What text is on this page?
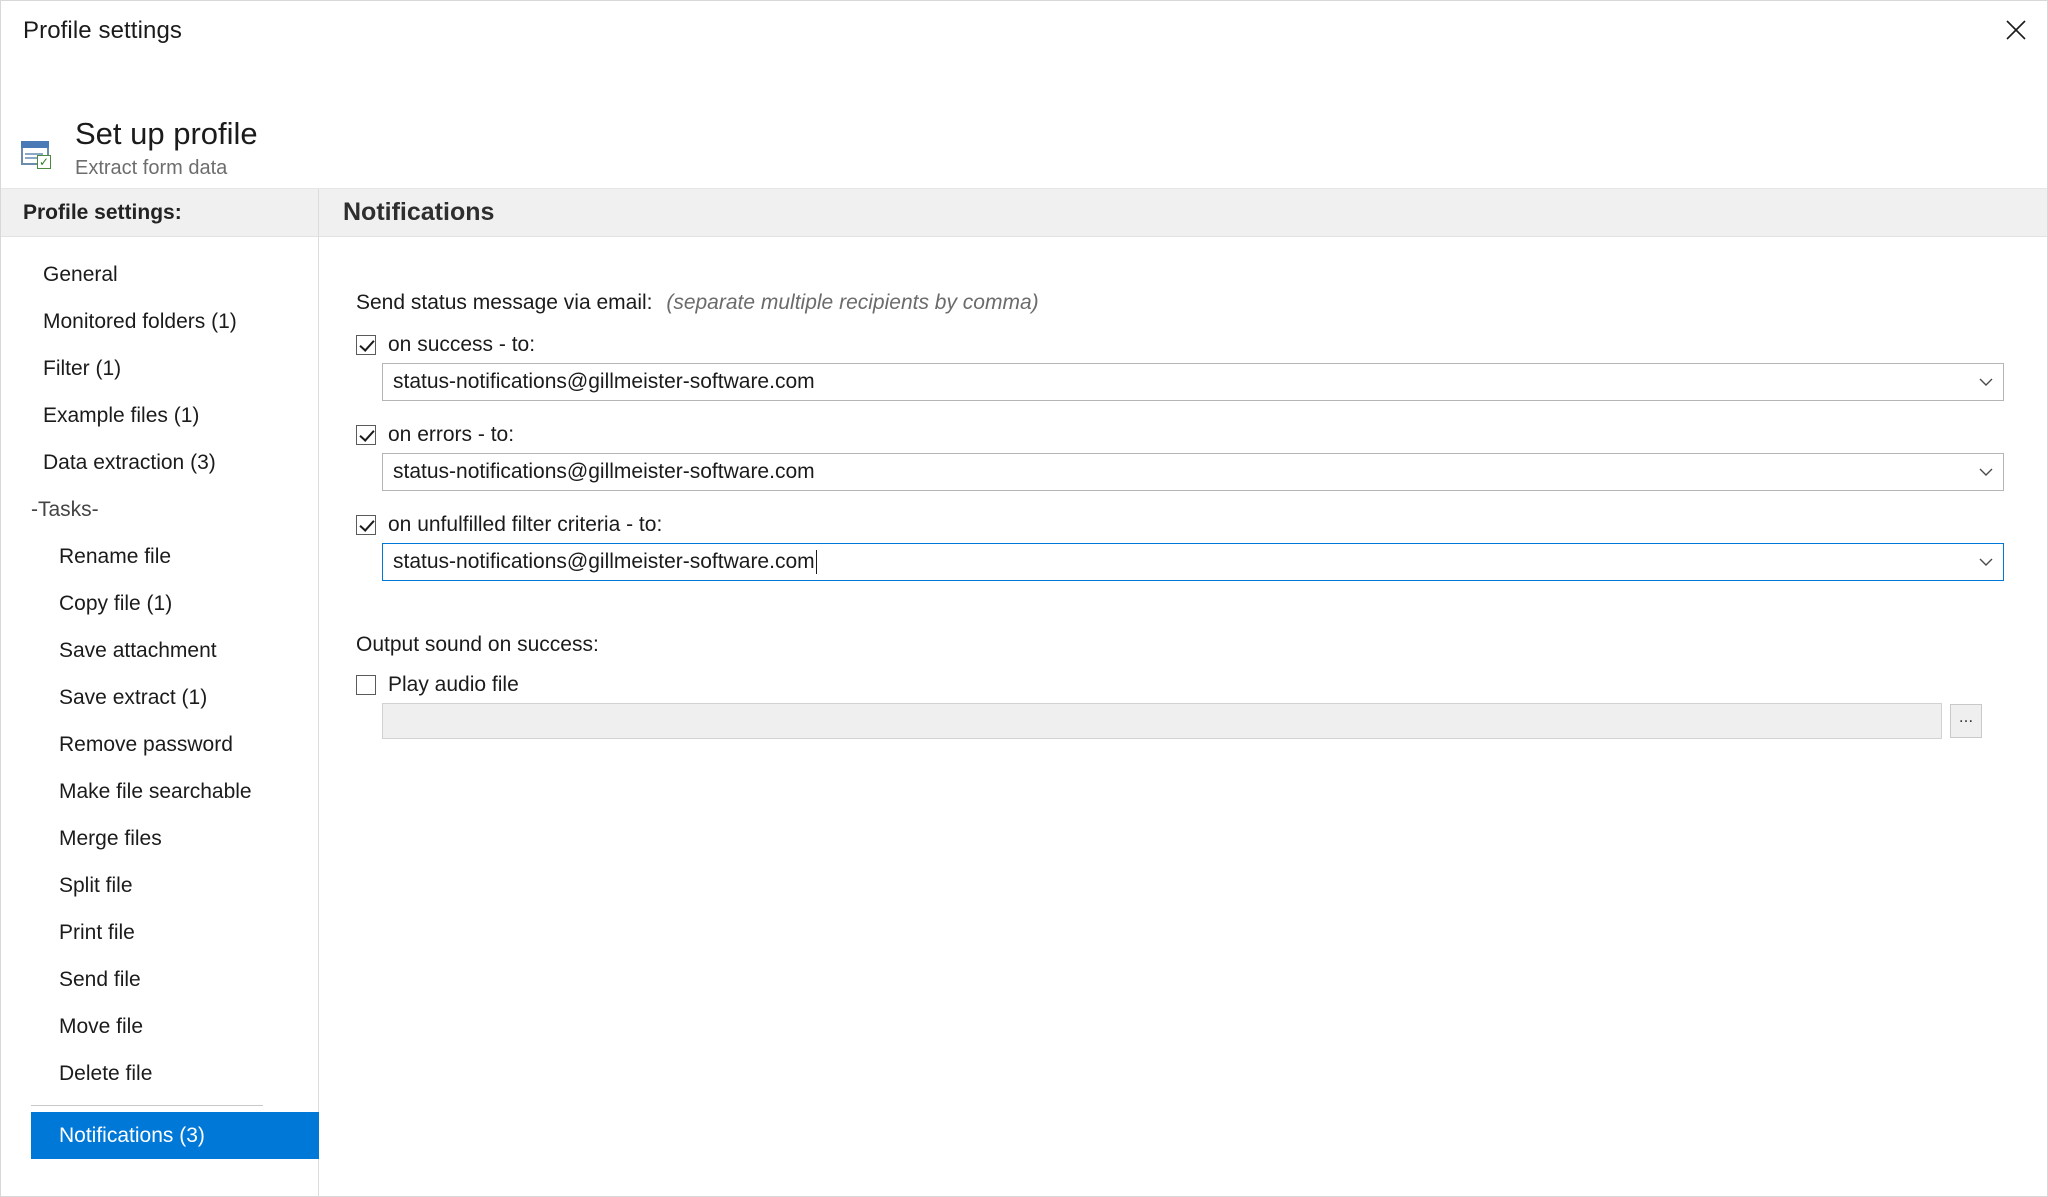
Profile settings
✓
Set up profile
Extract form data
Profile settings:
General
Monitored folders (1)
Filter (1)
Example files (1)
Data extraction (3)
-Tasks-
Rename file
Copy file (1)
Save attachment
Save extract (1)
Remove password
Make file searchable
Merge files
Split file
Print file
Send file
Move file
Delete file
Notifications (3)
Notifications
Send status message via email: (separate multiple recipients by comma)
on success - to:
status-notifications@gillmeister-software.com
on errors - to:
status-notifications@gillmeister-software.com
on unfulfilled filter criteria - to:
status-notifications@gillmeister-software.com
Output sound on success:
Play audio file
...
